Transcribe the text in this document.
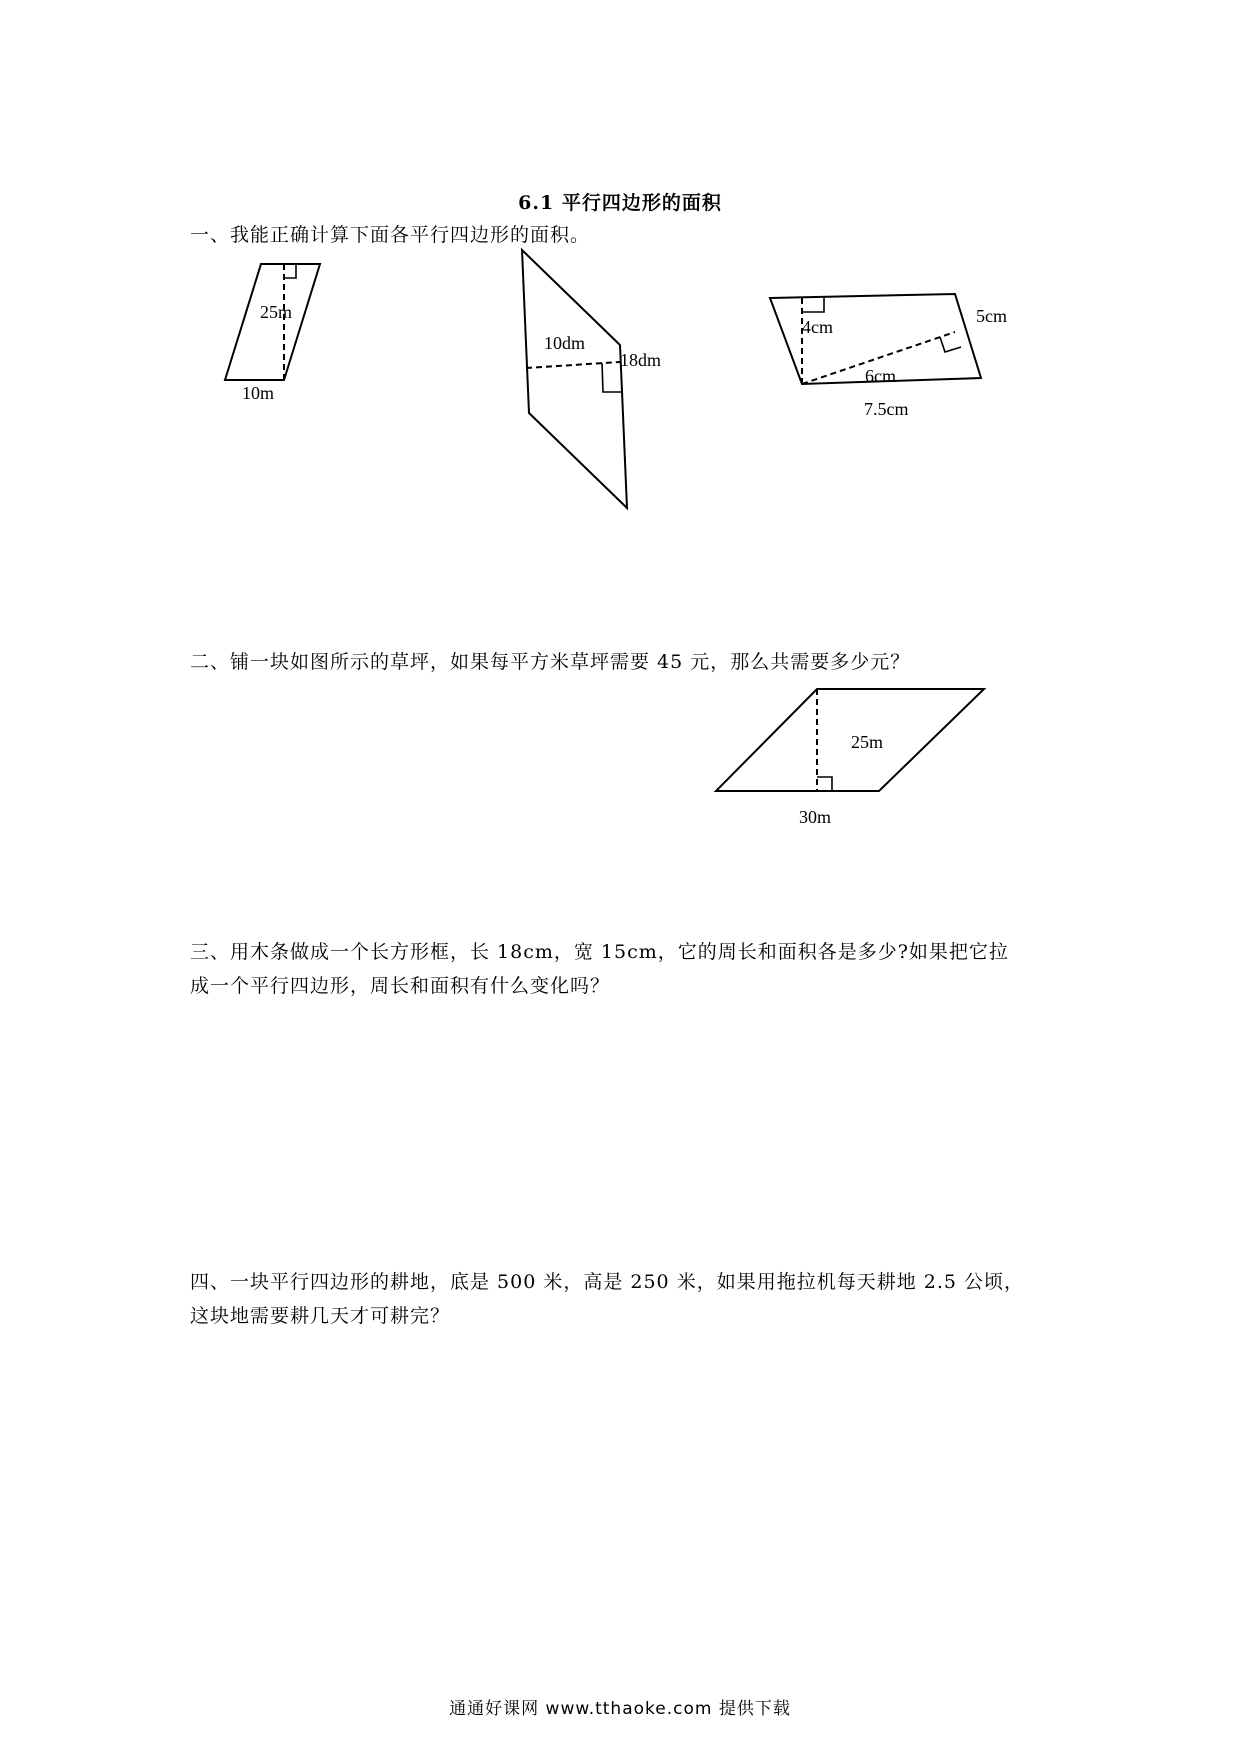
6.1 平行四边形的面积
一、我能正确计算下面各平行四边形的面积。
25m
10m
10dm
18dm
4cm
5cm
6cm
7.5cm
二、铺一块如图所示的草坪，如果每平方米草坪需要 45 元，那么共需要多少元？
25m
30m
三、用木条做成一个长方形框，长 18cm，宽 15cm，它的周长和面积各是多少?如果把它拉
成一个平行四边形，周长和面积有什么变化吗？
四、一块平行四边形的耕地，底是 500 米，高是 250 米，如果用拖拉机每天耕地 2.5 公顷，
这块地需要耕几天才可耕完？
通通好课网 www.tthaoke.com 提供下载
